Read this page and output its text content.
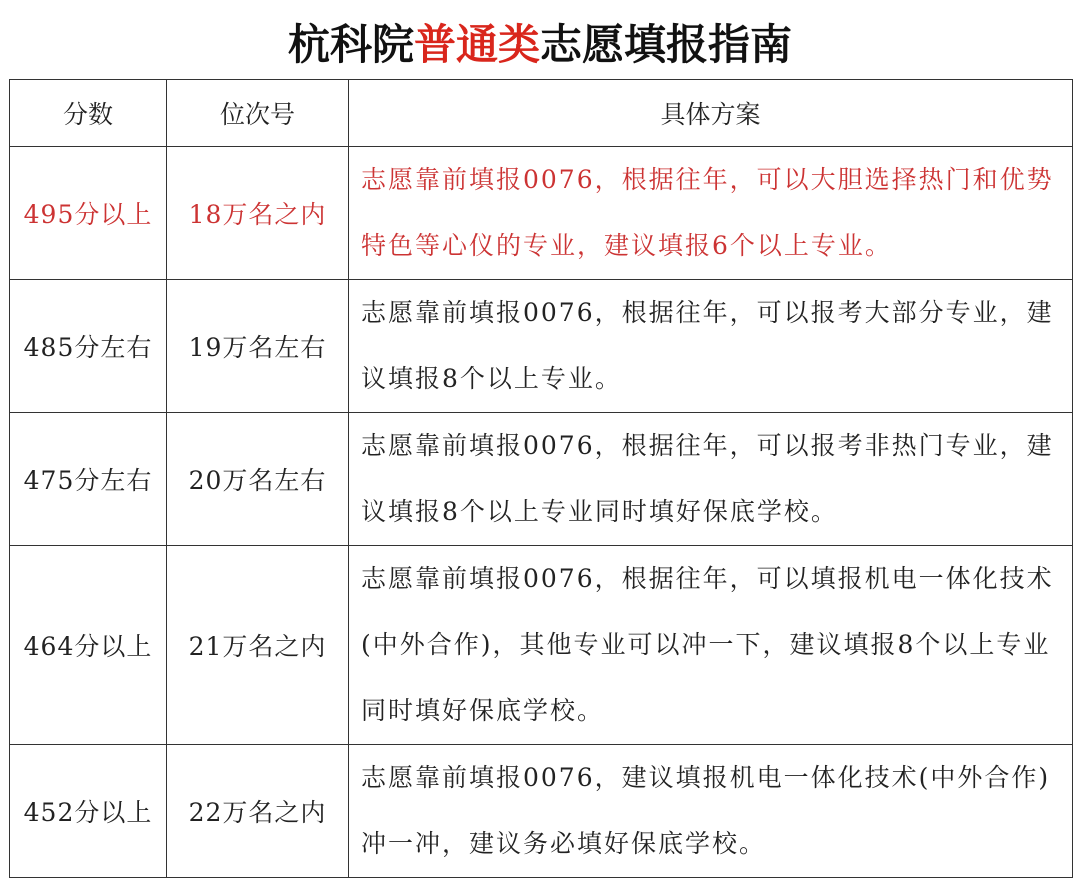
杭科院普通类志愿填报指南
分数	位次号	具体方案
495分以上	18万名之内	志愿靠前填报0076，根据往年，可以大胆选择热门和优势特色等心仪的专业，建议填报6个以上专业。
485分左右	19万名左右	志愿靠前填报0076，根据往年，可以报考大部分专业，建议填报8个以上专业。
475分左右	20万名左右	志愿靠前填报0076，根据往年，可以报考非热门专业，建议填报8个以上专业同时填好保底学校。
464分以上	21万名之内	志愿靠前填报0076，根据往年，可以填报机电一体化技术(中外合作)，其他专业可以冲一下，建议填报8个以上专业同时填好保底学校。
452分以上	22万名之内	志愿靠前填报0076，建议填报机电一体化技术(中外合作)冲一冲，建议务必填好保底学校。
